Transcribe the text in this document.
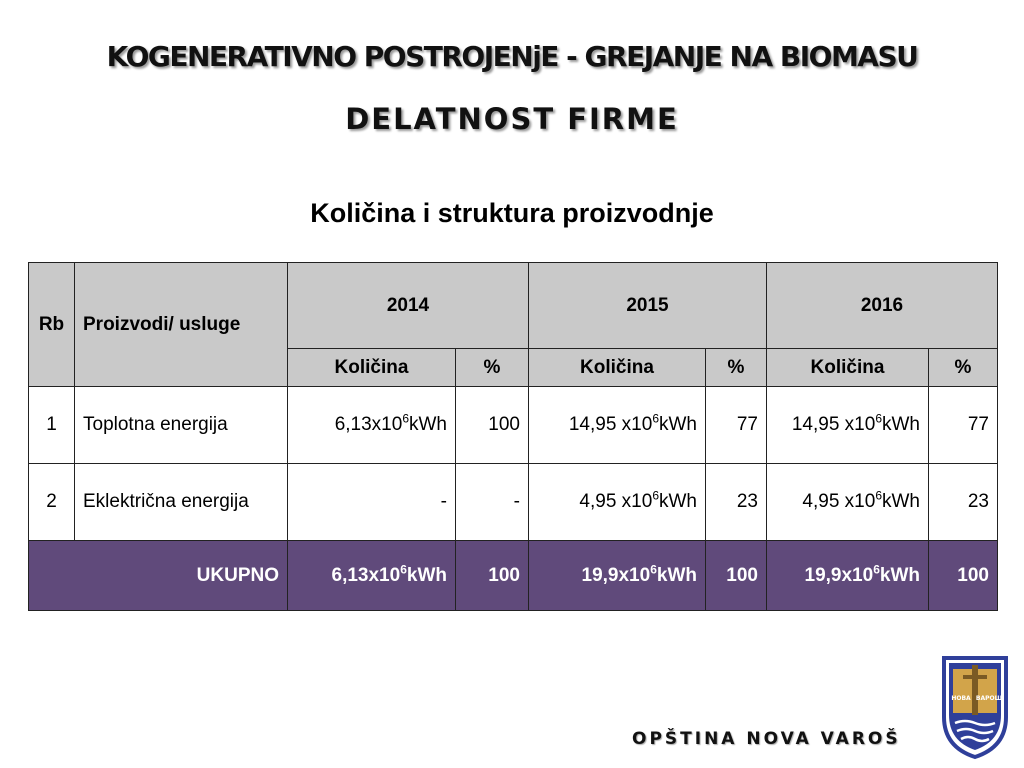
KOGENERATIVNO POSTROJENjE - GREJANJE NA BIOMASU
DELATNOST FIRME
Količina i struktura proizvodnje
Rb	Proizvodi/ usluge	2014		2015		2016	
		Količina	%	Količina	%	Količina	%
1	Toplotna energija	$6,13x10^6kWh$	100	14,95 $x10^6kWh$	77	14,95 $x10^6kWh$	77
2	Eklektrična energija	-	-	4,95 $x10^6kWh$	23	4,95 $x10^6kWh$	23
UKUPNO		$6,13x10^6kWh$	100	$19,9x10^6kWh$	100	$19,9x10^6kWh$	100
OPŠTINA NOVA VAROŠ
НОВА ВАРОШ
